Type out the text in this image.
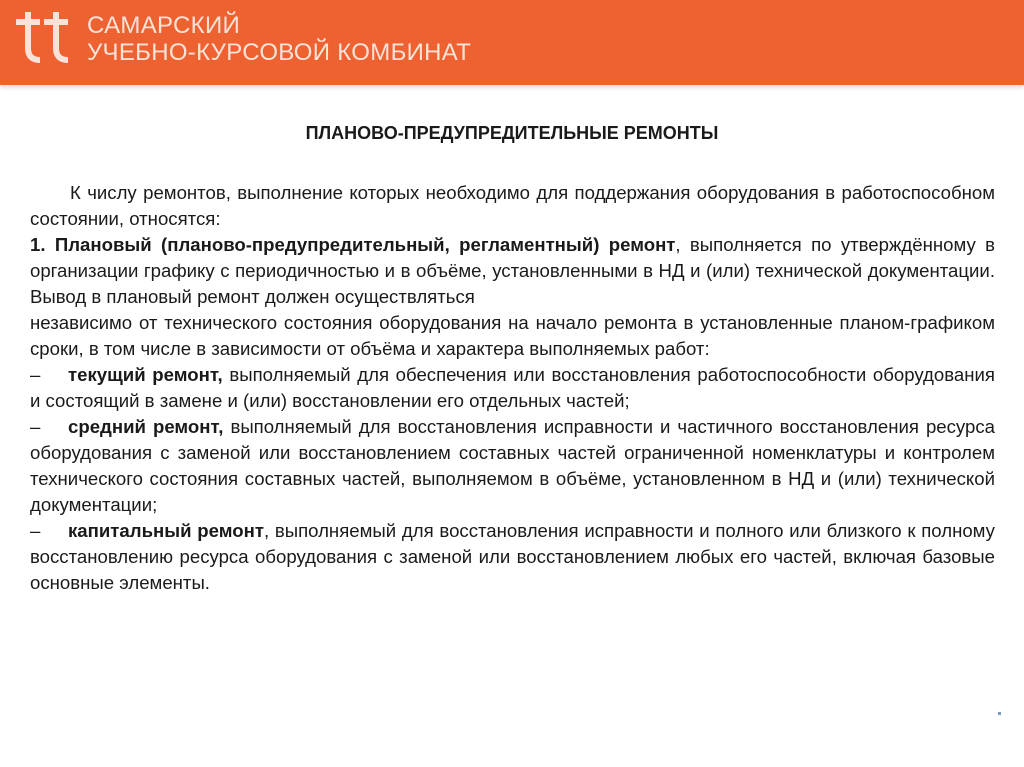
САМАРСКИЙ
УЧЕБНО-КУРСОВОЙ КОМБИНАТ
ПЛАНОВО-ПРЕДУПРЕДИТЕЛЬНЫЕ РЕМОНТЫ

К числу ремонтов, выполнение которых необходимо для поддержания оборудования в работоспособном состоянии, относятся:

1. Плановый (планово-предупредительный, регламентный) ремонт, выполняется по утверждённому в организации графику с периодичностью и в объёме, установленными в НД и (или) технической документации. Вывод в плановый ремонт должен осуществляться

независимо от технического состояния оборудования на начало ремонта в установленные планом-графиком сроки, в том числе в зависимости от объёма и характера выполняемых работ:

– текущий ремонт, выполняемый для обеспечения или восстановления работоспособности оборудования и состоящий в замене и (или) восстановлении его отдельных частей;

– средний ремонт, выполняемый для восстановления исправности и частичного восстановления ресурса оборудования с заменой или восстановлением составных частей ограниченной номенклатуры и контролем технического состояния составных частей, выполняемом в объёме, установленном в НД и (или) технической документации;

– капитальный ремонт, выполняемый для восстановления исправности и полного или близкого к полному восстановлению ресурса оборудования с заменой или восстановлением любых его частей, включая базовые основные элементы.
